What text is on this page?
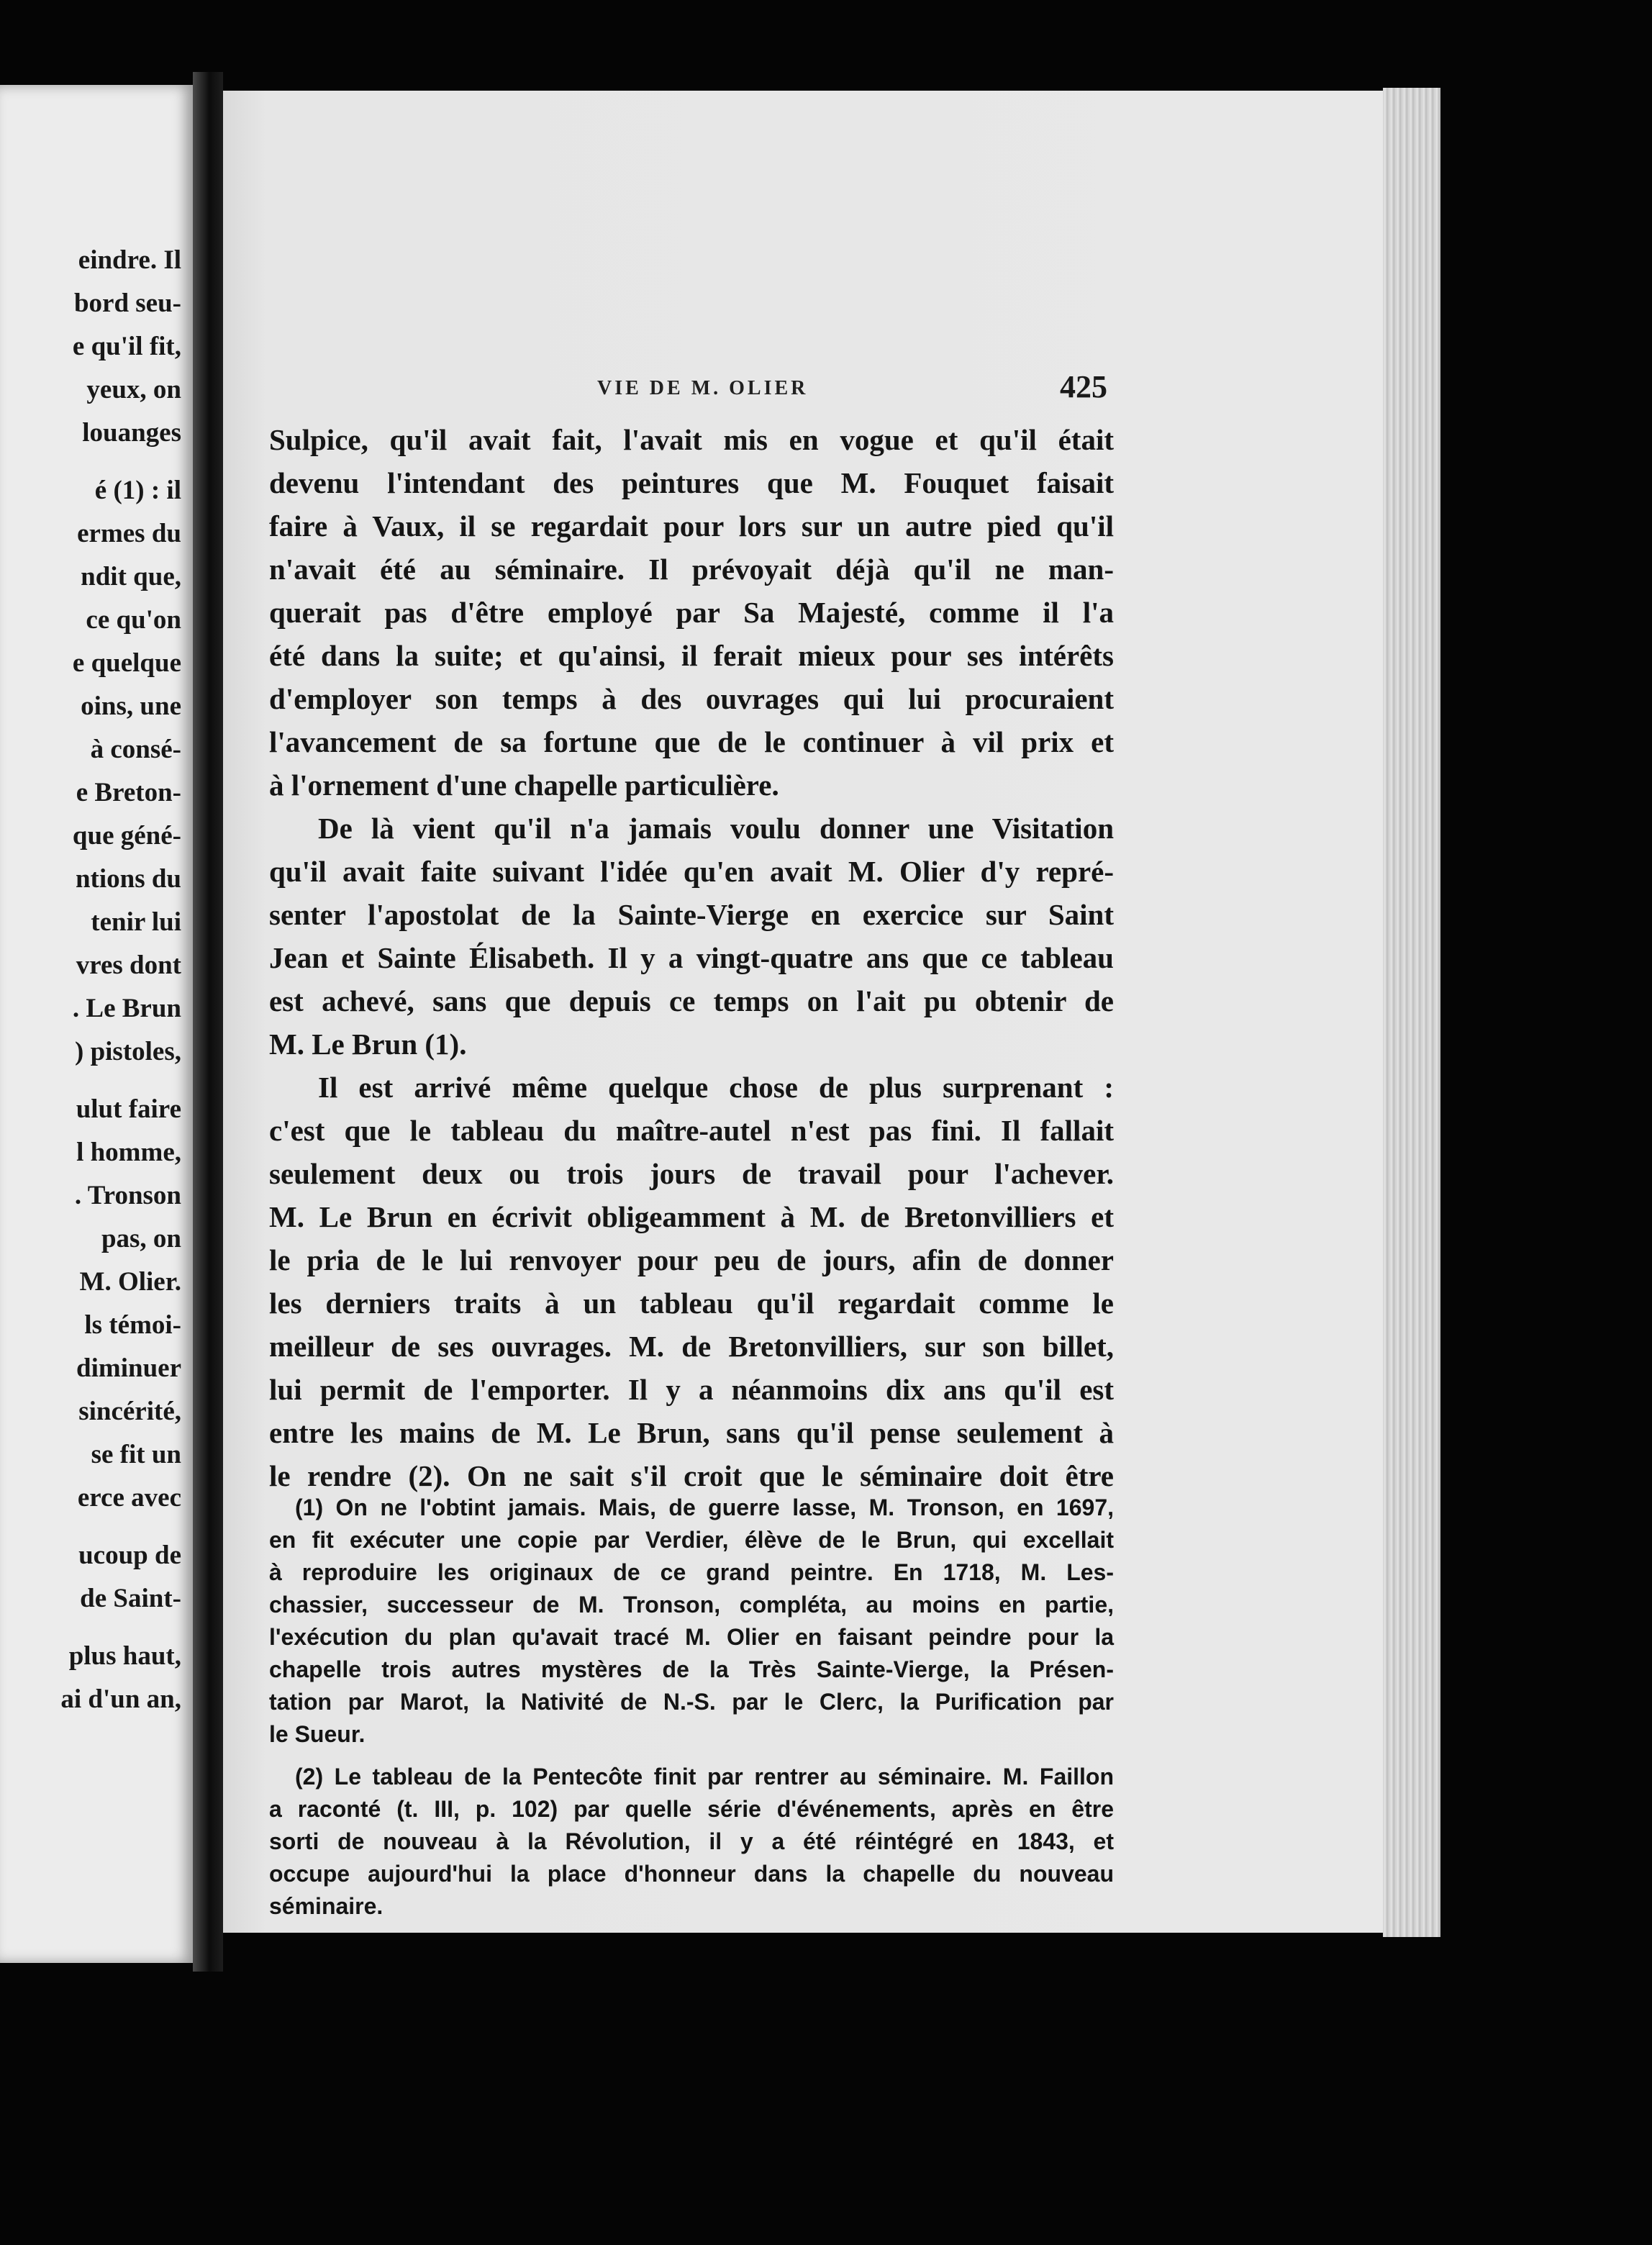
eindre. Il
bord seu-
e qu'il fit,
yeux, on
louanges
é (1) : il
ermes du
ndit que,
ce qu'on
e quelque
oins, une
à consé-
e Breton-
que géné-
ntions du
tenir lui
vres dont
. Le Brun
) pistoles,
ulut faire
l homme,
. Tronson
pas, on
M. Olier.
ls témoi-
diminuer
sincérité,
se fit un
erce avec
ucoup de
de Saint-
plus haut,
ai d'un an,
VIE DE M. OLIER	425
Sulpice, qu'il avait fait, l'avait mis en vogue et qu'il était
devenu l'intendant des peintures que M. Fouquet faisait
faire à Vaux, il se regardait pour lors sur un autre pied qu'il
n'avait été au séminaire. Il prévoyait déjà qu'il ne man-
querait pas d'être employé par Sa Majesté, comme il l'a
été dans la suite; et qu'ainsi, il ferait mieux pour ses intérêts
d'employer son temps à des ouvrages qui lui procuraient
l'avancement de sa fortune que de le continuer à vil prix et
à l'ornement d'une chapelle particulière.
De là vient qu'il n'a jamais voulu donner une Visitation
qu'il avait faite suivant l'idée qu'en avait M. Olier d'y repré-
senter l'apostolat de la Sainte-Vierge en exercice sur Saint
Jean et Sainte Élisabeth. Il y a vingt-quatre ans que ce tableau
est achevé, sans que depuis ce temps on l'ait pu obtenir de
M. Le Brun (1).
Il est arrivé même quelque chose de plus surprenant :
c'est que le tableau du maître-autel n'est pas fini. Il fallait
seulement deux ou trois jours de travail pour l'achever.
M. Le Brun en écrivit obligeamment à M. de Bretonvilliers et
le pria de le lui renvoyer pour peu de jours, afin de donner
les derniers traits à un tableau qu'il regardait comme le
meilleur de ses ouvrages. M. de Bretonvilliers, sur son billet,
lui permit de l'emporter. Il y a néanmoins dix ans qu'il est
entre les mains de M. Le Brun, sans qu'il pense seulement à
le rendre (2). On ne sait s'il croit que le séminaire doit être
(1) On ne l'obtint jamais. Mais, de guerre lasse, M. Tronson, en 1697,
en fit exécuter une copie par Verdier, élève de le Brun, qui excellait
à reproduire les originaux de ce grand peintre. En 1718, M. Les-
chassier, successeur de M. Tronson, compléta, au moins en partie,
l'exécution du plan qu'avait tracé M. Olier en faisant peindre pour la
chapelle trois autres mystères de la Très Sainte-Vierge, la Présen-
tation par Marot, la Nativité de N.-S. par le Clerc, la Purification par
le Sueur.
(2) Le tableau de la Pentecôte finit par rentrer au séminaire. M. Faillon
a raconté (t. III, p. 102) par quelle série d'événements, après en être
sorti de nouveau à la Révolution, il y a été réintégré en 1843, et
occupe aujourd'hui la place d'honneur dans la chapelle du nouveau
séminaire.
